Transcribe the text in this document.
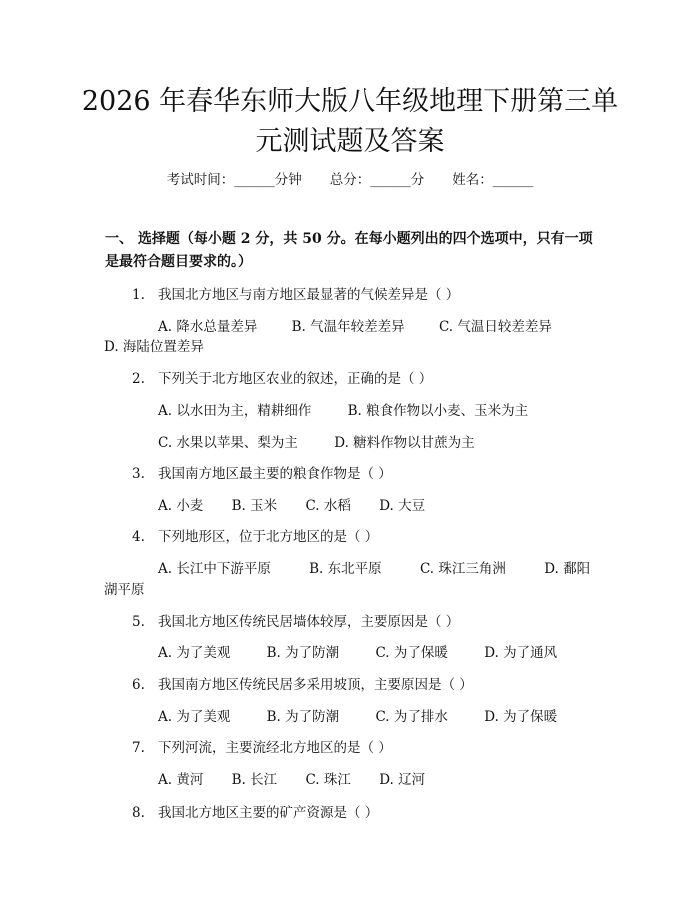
2026 年春华东师大版八年级地理下册第三单
元测试题及答案
考试时间：______分钟 总分：______分 姓名：______
一、 选择题（每小题 2 分，共 50 分。在每小题列出的四个选项中，只有一项是最符合题目要求的。）
1. 我国北方地区与南方地区最显著的气候差异是（ ）
A. 降水总量差异	B. 气温年较差差异	C. 气温日较差差异
D. 海陆位置差异
2. 下列关于北方地区农业的叙述，正确的是（ ）
A. 以水田为主，精耕细作	B. 粮食作物以小麦、玉米为主
C. 水果以苹果、梨为主	D. 糖料作物以甘蔗为主
3. 我国南方地区最主要的粮食作物是（ ）
A. 小麦 B. 玉米 C. 水稻 D. 大豆
4. 下列地形区，位于北方地区的是（ ）
A. 长江中下游平原	B. 东北平原	C. 珠江三角洲	D. 鄱阳
湖平原
5. 我国北方地区传统民居墙体较厚，主要原因是（ ）
A. 为了美观	B. 为了防潮	C. 为了保暖	D. 为了通风
6. 我国南方地区传统民居多采用坡顶，主要原因是（ ）
A. 为了美观	B. 为了防潮	C. 为了排水	D. 为了保暖
7. 下列河流，主要流经北方地区的是（ ）
A. 黄河 B. 长江 C. 珠江 D. 辽河
8. 我国北方地区主要的矿产资源是（ ）
